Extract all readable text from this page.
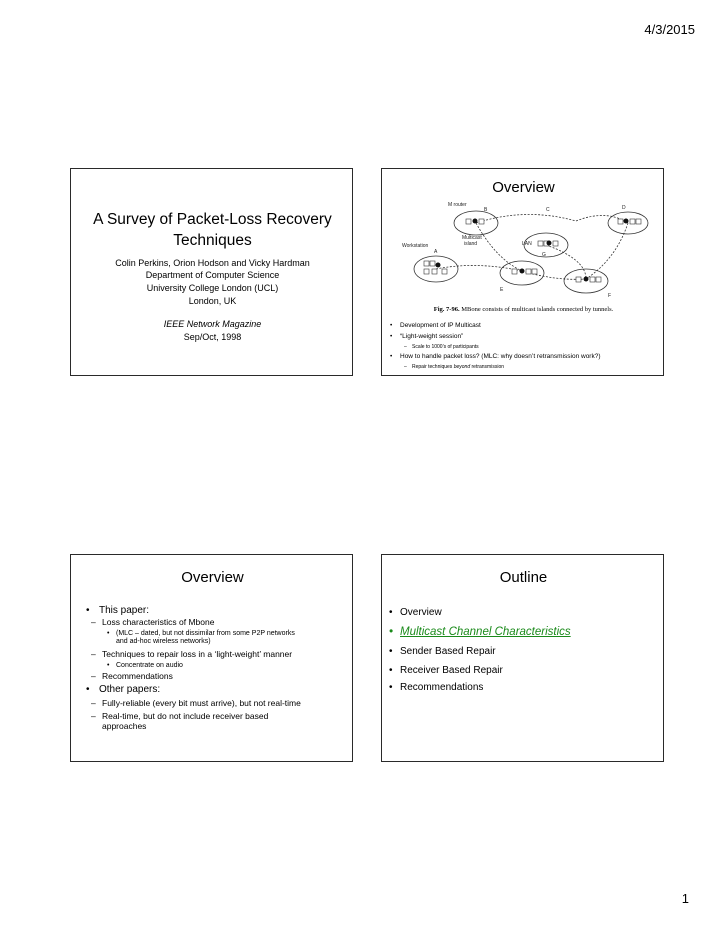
4/3/2015
A Survey of Packet-Loss Recovery
Techniques
Colin Perkins, Orion Hodson and Vicky Hardman
Department of Computer Science
University College London (UCL)
London, UK
IEEE Network Magazine
Sep/Oct, 1998
Overview
M router
B	C	D
Multicast
island	LAN
G
Workstation
A
E
F
Fig. 7-96. MBone consists of multicast islands connected by tunnels.
• Development of IP Multicast
• “Light-weight session”
– Scale to 1000’s of participants
• How to handle packet loss? (MLC: why doesn’t retransmission work?)
– Repair techniques beyond retransmission
Overview
• This paper:
– Loss characteristics of Mbone
• (MLC – dated, but not dissimilar from some P2P networks
and ad-hoc wireless networks)
– Techniques to repair loss in a ‘light-weight’ manner
• Concentrate on audio
– Recommendations
• Other papers:
– Fully-reliable (every bit must arrive), but not real-time
– Real-time, but do not include receiver based
approaches
Outline
• Overview
• Multicast Channel Characteristics
• Sender Based Repair
• Receiver Based Repair
• Recommendations
1
